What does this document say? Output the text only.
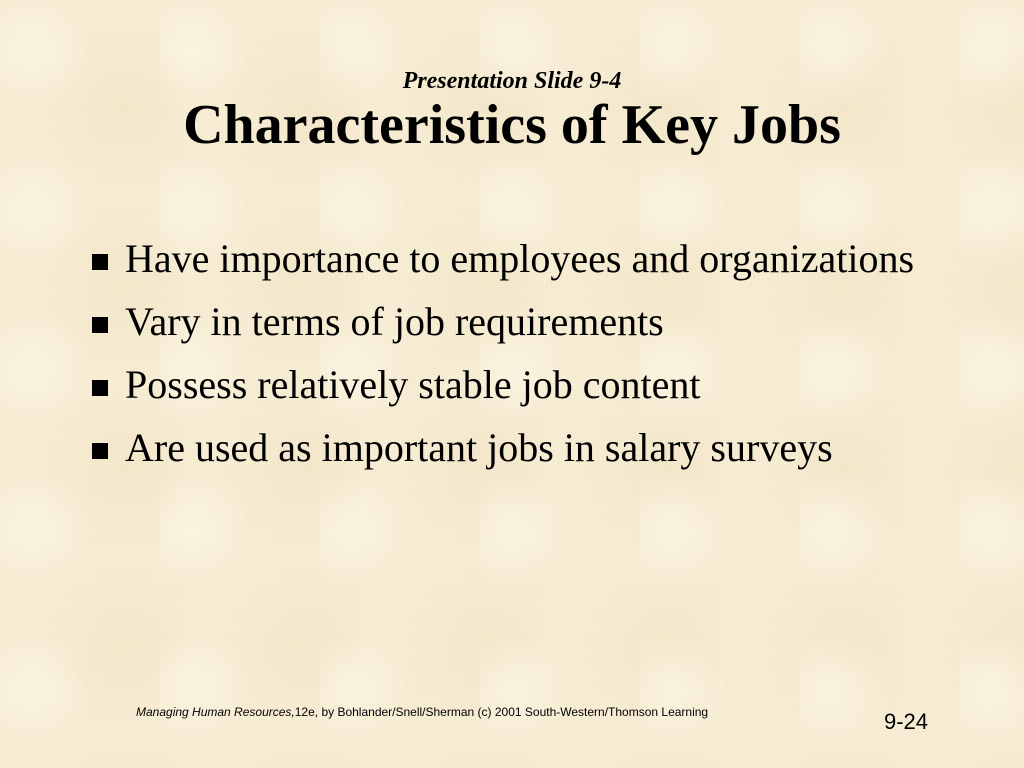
Presentation Slide 9-4
Characteristics of Key Jobs
Have importance to employees and organizations
Vary in terms of job requirements
Possess relatively stable job content
Are used as important jobs in salary surveys
Managing Human Resources,12e, by Bohlander/Snell/Sherman (c) 2001 South-Western/Thomson Learning	9-24
